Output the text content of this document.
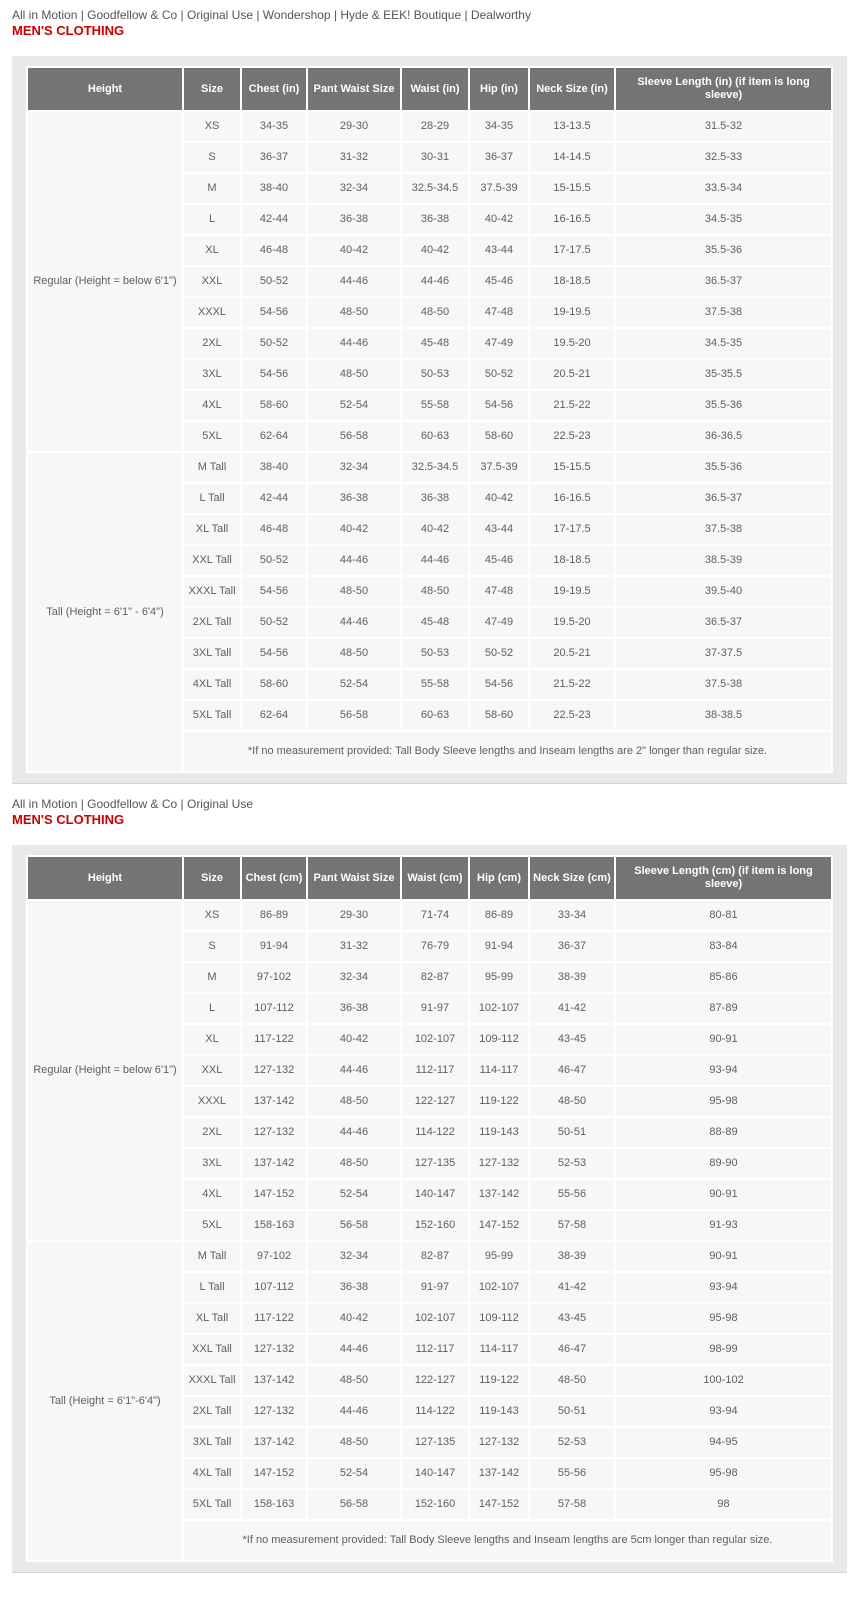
All in Motion | Goodfellow & Co | Original Use | Wondershop | Hyde & EEK! Boutique | Dealworthy
MEN'S CLOTHING
Height	Size	Chest (in)	Pant Waist Size	Waist (in)	Hip (in)	Neck Size (in)	Sleeve Length (in) (if item is long sleeve)
Regular (Height = below 6'1")	XS	34-35	29-30	28-29	34-35	13-13.5	31.5-32
	S	36-37	31-32	30-31	36-37	14-14.5	32.5-33
	M	38-40	32-34	32.5-34.5	37.5-39	15-15.5	33.5-34
	L	42-44	36-38	36-38	40-42	16-16.5	34.5-35
	XL	46-48	40-42	40-42	43-44	17-17.5	35.5-36
	XXL	50-52	44-46	44-46	45-46	18-18.5	36.5-37
	XXXL	54-56	48-50	48-50	47-48	19-19.5	37.5-38
	2XL	50-52	44-46	45-48	47-49	19.5-20	34.5-35
	3XL	54-56	48-50	50-53	50-52	20.5-21	35-35.5
	4XL	58-60	52-54	55-58	54-56	21.5-22	35.5-36
	5XL	62-64	56-58	60-63	58-60	22.5-23	36-36.5
Tall (Height = 6'1" - 6'4")	M Tall	38-40	32-34	32.5-34.5	37.5-39	15-15.5	35.5-36
	L Tall	42-44	36-38	36-38	40-42	16-16.5	36.5-37
	XL Tall	46-48	40-42	40-42	43-44	17-17.5	37.5-38
	XXL Tall	50-52	44-46	44-46	45-46	18-18.5	38.5-39
	XXXL Tall	54-56	48-50	48-50	47-48	19-19.5	39.5-40
	2XL Tall	50-52	44-46	45-48	47-49	19.5-20	36.5-37
	3XL Tall	54-56	48-50	50-53	50-52	20.5-21	37-37.5
	4XL Tall	58-60	52-54	55-58	54-56	21.5-22	37.5-38
	5XL Tall	62-64	56-58	60-63	58-60	22.5-23	38-38.5
	*If no measurement provided: Tall Body Sleeve lengths and Inseam lengths are 2" longer than regular size.						
All in Motion | Goodfellow & Co | Original Use
MEN'S CLOTHING
Height	Size	Chest (cm)	Pant Waist Size	Waist (cm)	Hip (cm)	Neck Size (cm)	Sleeve Length (cm) (if item is long sleeve)
Regular (Height = below 6'1")	XS	86-89	29-30	71-74	86-89	33-34	80-81
	S	91-94	31-32	76-79	91-94	36-37	83-84
	M	97-102	32-34	82-87	95-99	38-39	85-86
	L	107-112	36-38	91-97	102-107	41-42	87-89
	XL	117-122	40-42	102-107	109-112	43-45	90-91
	XXL	127-132	44-46	112-117	114-117	46-47	93-94
	XXXL	137-142	48-50	122-127	119-122	48-50	95-98
	2XL	127-132	44-46	114-122	119-143	50-51	88-89
	3XL	137-142	48-50	127-135	127-132	52-53	89-90
	4XL	147-152	52-54	140-147	137-142	55-56	90-91
	5XL	158-163	56-58	152-160	147-152	57-58	91-93
Tall (Height = 6'1"-6'4")	M Tall	97-102	32-34	82-87	95-99	38-39	90-91
	L Tall	107-112	36-38	91-97	102-107	41-42	93-94
	XL Tall	117-122	40-42	102-107	109-112	43-45	95-98
	XXL Tall	127-132	44-46	112-117	114-117	46-47	98-99
	XXXL Tall	137-142	48-50	122-127	119-122	48-50	100-102
	2XL Tall	127-132	44-46	114-122	119-143	50-51	93-94
	3XL Tall	137-142	48-50	127-135	127-132	52-53	94-95
	4XL Tall	147-152	52-54	140-147	137-142	55-56	95-98
	5XL Tall	158-163	56-58	152-160	147-152	57-58	98
	*If no measurement provided: Tall Body Sleeve lengths and Inseam lengths are 5cm longer than regular size.						
